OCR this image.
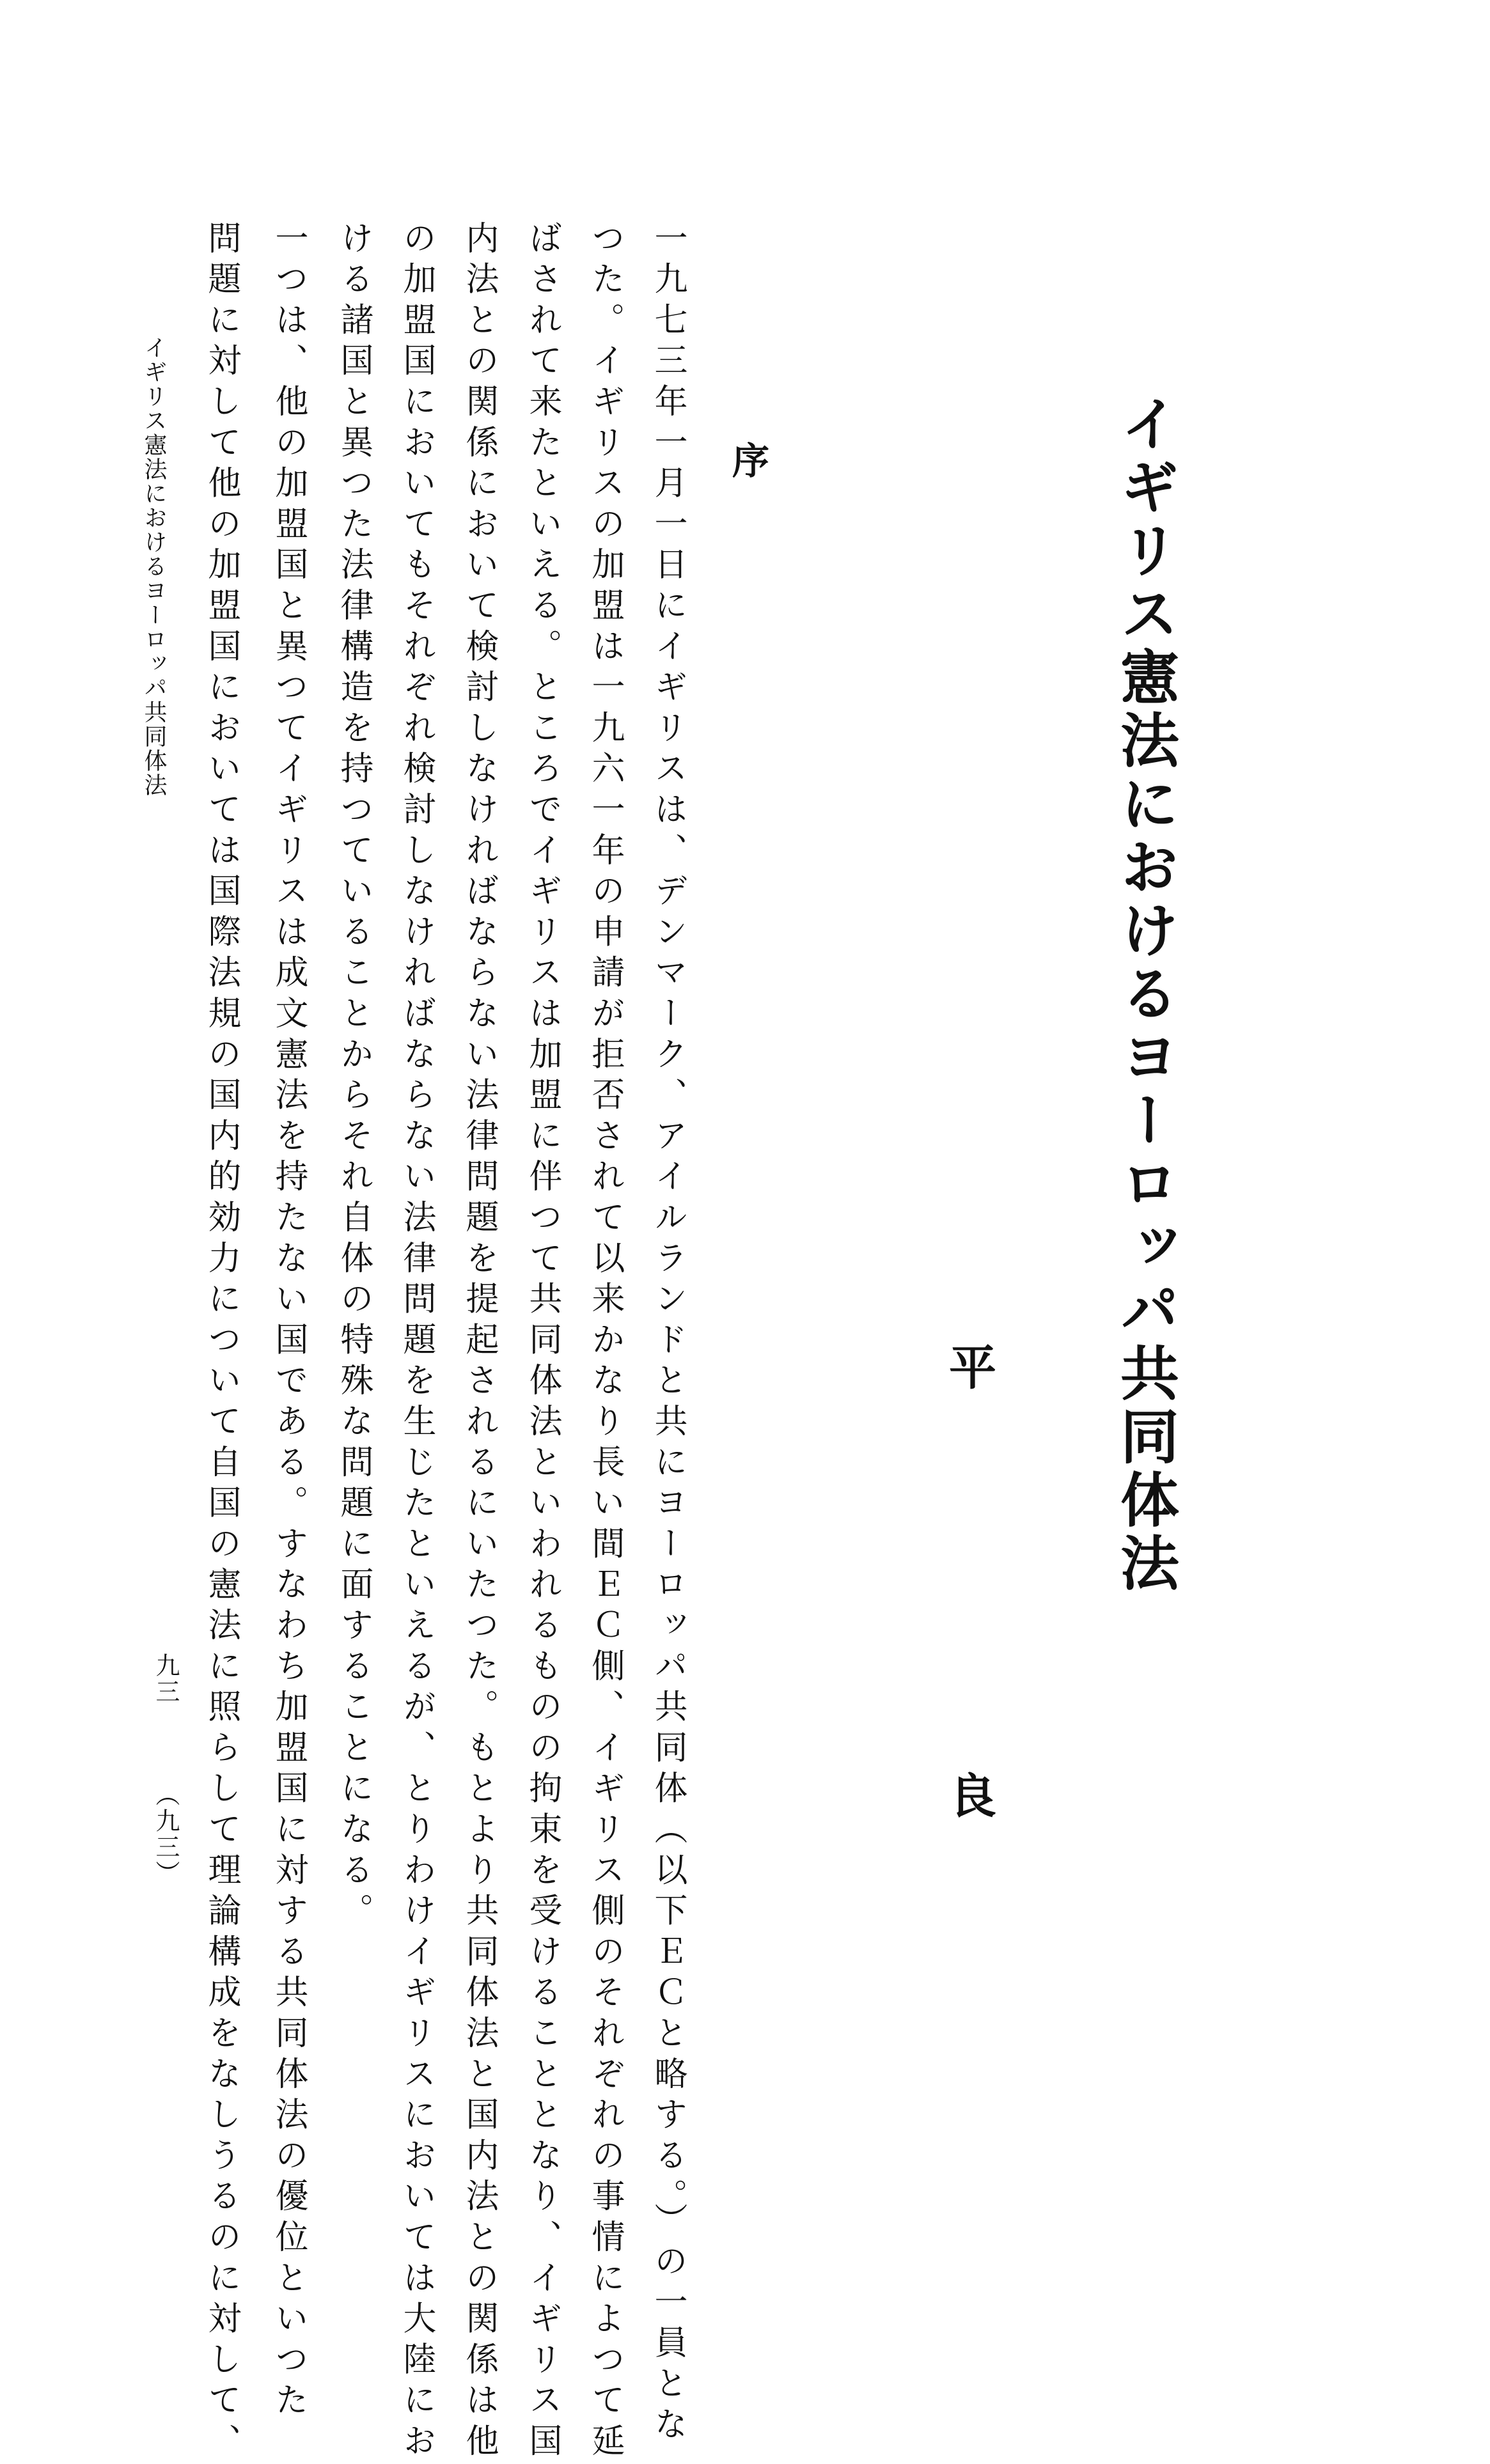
イギリス憲法におけるヨーロッパ共同体法
平
良
序
一九七三年一月一日にイギリスは、デンマーク、アイルランドと共にヨーロッパ共同体（以下ＥＣと略する。）の一員とな
つた。イギリスの加盟は一九六一年の申請が拒否されて以来かなり長い間ＥＣ側、イギリス側のそれぞれの事情によつて延
ばされて来たといえる。ところでイギリスは加盟に伴つて共同体法といわれるものの拘束を受けることとなり、イギリス国
内法との関係において検討しなければならない法律問題を提起されるにいたつた。もとより共同体法と国内法との関係は他
の加盟国においてもそれぞれ検討しなければならない法律問題を生じたといえるが、とりわけイギリスにおいては大陸にお
ける諸国と異つた法律構造を持つていることからそれ自体の特殊な問題に面することになる。
一つは、他の加盟国と異つてイギリスは成文憲法を持たない国である。すなわち加盟国に対する共同体法の優位といつた
問題に対して他の加盟国においては国際法規の国内的効力について自国の憲法に照らして理論構成をなしうるのに対して、
イギリス憲法におけるヨーロッパ共同体法
九三（九三）
